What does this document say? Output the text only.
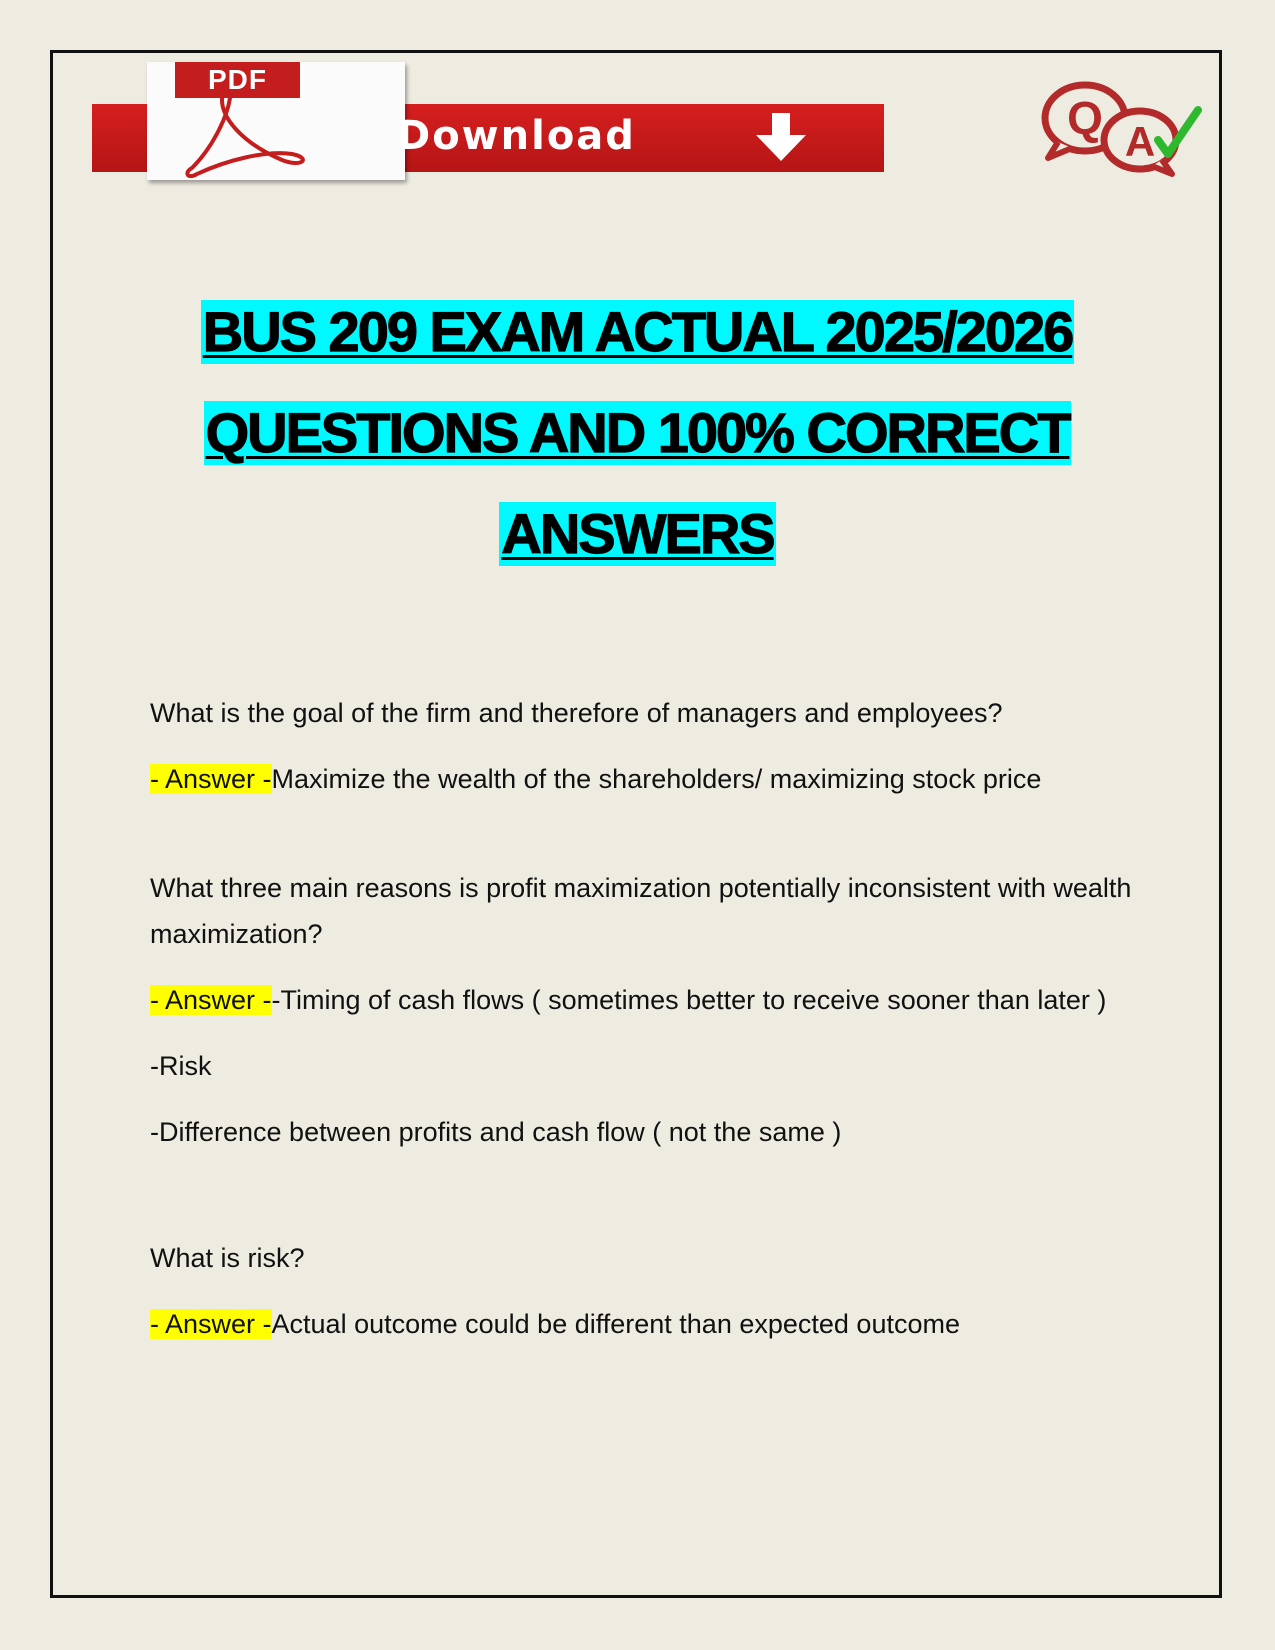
PDF
Download	Q A
BUS 209 EXAM ACTUAL 2025/2026
QUESTIONS AND 100% CORRECT
ANSWERS

What is the goal of the firm and therefore of managers and employees?

- Answer -Maximize the wealth of the shareholders/ maximizing stock price

What three main reasons is profit maximization potentially inconsistent with wealth maximization?

- Answer --Timing of cash flows ( sometimes better to receive sooner than later )

-Risk

-Difference between profits and cash flow ( not the same )

What is risk?

- Answer -Actual outcome could be different than expected outcome
